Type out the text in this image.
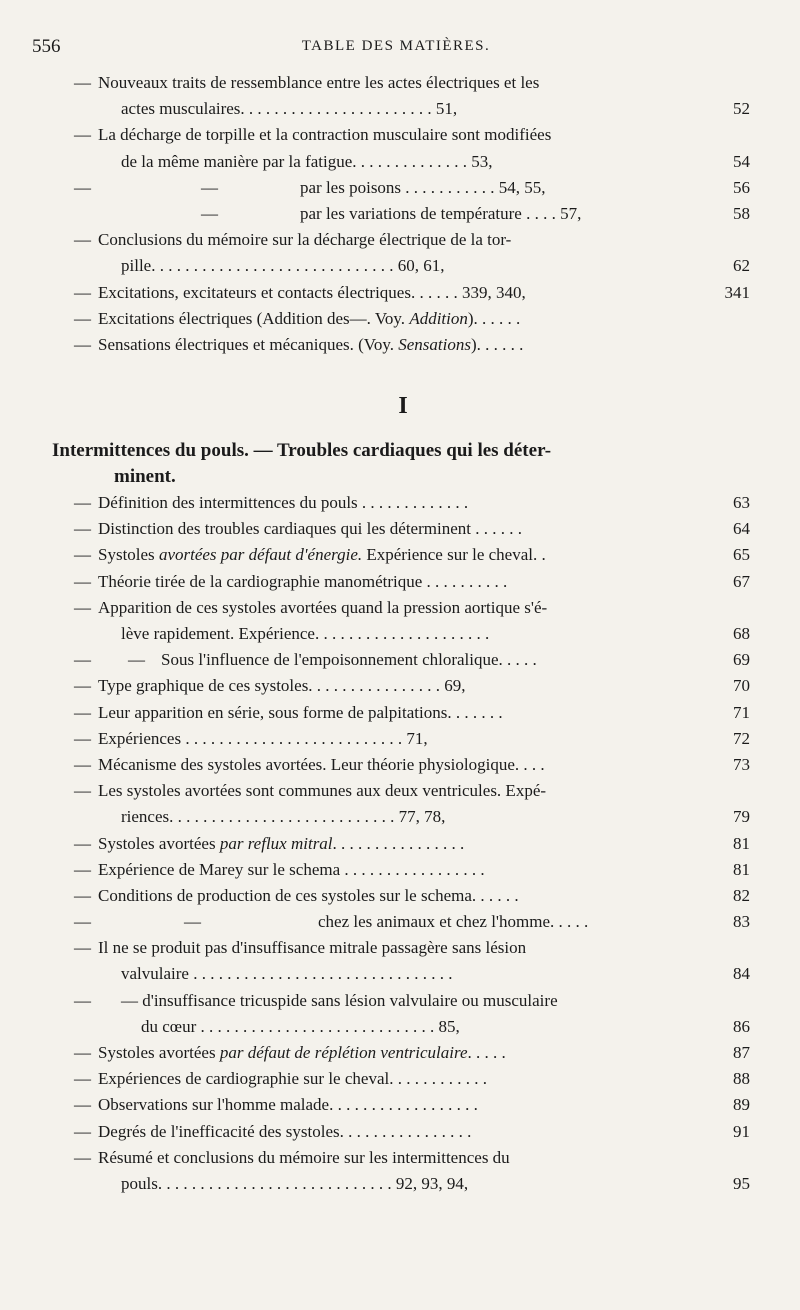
556	TABLE DES MATIÈRES.
— Nouveaux traits de ressemblance entre les actes électriques et les
actes musculaires. . . . . . . . . . . . . . . . . . . . . . . 51,	52
— La décharge de torpille et la contraction musculaire sont modifiées
de la même manière par la fatigue. . . . . . . . . . . . . . 53,	54
—	—	par les poisons . . . . . . . . . . . 54, 55,	56
—	par les variations de température . . . . 57,	58
— Conclusions du mémoire sur la décharge électrique de la tor-
pille. . . . . . . . . . . . . . . . . . . . . . . . . . . . . 60, 61,	62
— Excitations, excitateurs et contacts électriques. . . . . . 339, 340,	341
— Excitations électriques (Addition des—. Voy. Addition). . . . . .
— Sensations électriques et mécaniques. (Voy. Sensations). . . . . .
I
Intermittences du pouls. — Troubles cardiaques qui les déter-
minent.
— Définition des intermittences du pouls . . . . . . . . . . . . .	63
— Distinction des troubles cardiaques qui les déterminent . . . . . .	64
— Systoles avortées par défaut d'énergie. Expérience sur le cheval. .	65
— Théorie tirée de la cardiographie manométrique . . . . . . . . . .	67
— Apparition de ces systoles avortées quand la pression aortique s'é-
lève rapidement. Expérience. . . . . . . . . . . . . . . . . . . . .	68
— — Sous l'influence de l'empoisonnement chloralique. . . . .	69
— Type graphique de ces systoles. . . . . . . . . . . . . . . . 69,	70
— Leur apparition en série, sous forme de palpitations. . . . . . .	71
— Expériences . . . . . . . . . . . . . . . . . . . . . . . . . . 71,	72
— Mécanisme des systoles avortées. Leur théorie physiologique. . . .	73
— Les systoles avortées sont communes aux deux ventricules. Expé-
riences. . . . . . . . . . . . . . . . . . . . . . . . . . . 77, 78,	79
— Systoles avortées par reflux mitral. . . . . . . . . . . . . . . .	81
— Expérience de Marey sur le schema . . . . . . . . . . . . . . . . .	81
— Conditions de production de ces systoles sur le schema. . . . . .	82
—	—	chez les animaux et chez l'homme. . . . .	83
— Il ne se produit pas d'insuffisance mitrale passagère sans lésion
valvulaire . . . . . . . . . . . . . . . . . . . . . . . . . . . . . . .	84
— — d'insuffisance tricuspide sans lésion valvulaire ou musculaire
du cœur . . . . . . . . . . . . . . . . . . . . . . . . . . . . 85,	86
— Systoles avortées par défaut de réplétion ventriculaire. . . . .	87
— Expériences de cardiographie sur le cheval. . . . . . . . . . . .	88
— Observations sur l'homme malade. . . . . . . . . . . . . . . . . .	89
— Degrés de l'inefficacité des systoles. . . . . . . . . . . . . . . .	91
— Résumé et conclusions du mémoire sur les intermittences du
pouls. . . . . . . . . . . . . . . . . . . . . . . . . . . . 92, 93, 94,	95
